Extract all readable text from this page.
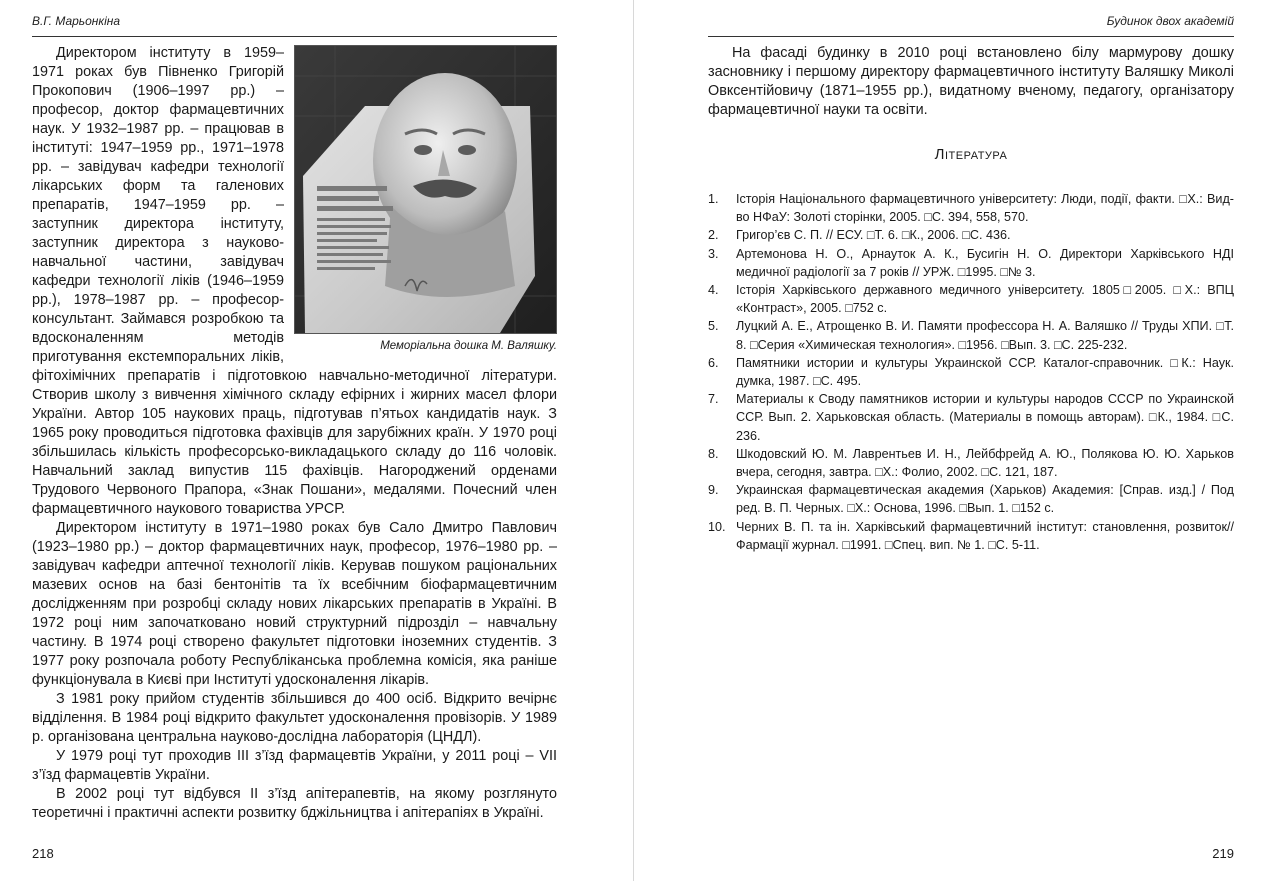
В.Г. Марьонкіна

Меморіальна дошка М. Валяшку.
Директором інституту в 1959–1971 роках був Півненко Григорій Прокопович (1906–1997 рр.) – професор, доктор фармацевтичних наук. У 1932–1987 рр. – працював в інституті: 1947–1959 рр., 1971–1978 рр. – завідувач кафедри технології лікарських форм та галенових препаратів, 1947–1959 рр. – заступник директора інституту, заступник директора з науково-навчальної частини, завідувач кафедри технології ліків (1946–1959 рр.), 1978–1987 рр. – професор-консультант. Займався розробкою та вдосконаленням методів приготування екстемпоральних ліків, фітохімічних препаратів і підготовкою навчально-методичної літератури. Створив школу з вивчення хімічного складу ефірних і жирних масел флори України. Автор 105 наукових праць, підготував п’ятьох кандидатів наук. З 1965 року проводиться підготовка фахівців для зарубіжних країн. У 1970 році збільшилась кількість професорсько-викладацького складу до 116 чоловік. Навчальний заклад випустив 115 фахівців. Нагороджений орденами Трудового Червоного Прапора, «Знак Пошани», медалями. Почесний член фармацевтичного наукового товариства УРСР.

Директором інституту в 1971–1980 роках був Сало Дмитро Павлович (1923–1980 рр.) – доктор фармацевтичних наук, професор, 1976–1980 рр. – завідувач кафедри аптечної технології ліків. Керував пошуком раціональних мазевих основ на базі бентонітів та їх всебічним біофармацевтичним дослідженням при розробці складу нових лікарських препаратів в Україні. В 1972 році ним започатковано новий структурний підрозділ – навчальну частину. В 1974 році створено факультет підготовки іноземних студентів. З 1977 року розпочала роботу Республіканська проблемна комісія, яка раніше функціонувала в Києві при Інституті удосконалення лікарів.

З 1981 року прийом студентів збільшився до 400 осіб. Відкрито вечірнє відділення. В 1984 році відкрито факультет удосконалення провізорів. У 1989 р. організована центральна науково-дослідна лабораторія (ЦНДЛ).

У 1979 році тут проходив III з’їзд фармацевтів України, у 2011 році – VII з’їзд фармацевтів України.

В 2002 році тут відбувся II з’їзд апітерапевтів, на якому розглянуто теоретичні і практичні аспекти розвитку бджільництва і апітерапіях в Україні.

218
Будинок двох академій

На фасаді будинку в 2010 році встановлено білу мармурову дошку засновнику і першому директору фармацевтичного інституту Валяшку Миколі Овксентійовичу (1871–1955 рр.), видатному вченому, педагогу, організатору фармацевтичної науки та освіти.

Література
1. Історія Національного фармацевтичного університету: Люди, події, факти. □Х.: Вид-во НФаУ: Золоті сторінки, 2005. □С. 394, 558, 570.
2. Григор’єв С. П. // ЕСУ. □Т. 6. □К., 2006. □С. 436.
3. Артемонова Н. О., Арнауток А. К., Бусигін Н. О. Директори Харківського НДІ медичної радіології за 7 років // УРЖ. □1995. □№ 3.
4. Історія Харківського державного медичного університету. 1805□2005. □Х.: ВПЦ «Контраст», 2005. □752 с.
5. Луцкий А. Е., Атрощенко В. И. Памяти профессора Н. А. Валяшко // Труды ХПИ. □Т. 8. □Серия «Химическая технология». □1956. □Вып. 3. □С. 225-232.
6. Памятники истории и культуры Украинской ССР. Каталог-справочник. □К.: Наук. думка, 1987. □С. 495.
7. Материалы к Своду памятников истории и культуры народов СССР по Украинской ССР. Вып. 2. Харьковская область. (Материалы в помощь авторам). □К., 1984. □С. 236.
8. Шкодовский Ю. М. Лаврентьев И. Н., Лейбфрейд А. Ю., Полякова Ю. Ю. Харьков вчера, сегодня, завтра. □Х.: Фолио, 2002. □С. 121, 187.
9. Украинская фармацевтическая академия (Харьков) Академия: [Справ. изд.] / Под ред. В. П. Черных. □Х.: Основа, 1996. □Вып. 1. □152 с.
10. Черних В. П. та ін. Харківський фармацевтичний інститут: становлення, розвиток// Фармації журнал. □1991. □Спец. вип. № 1. □С. 5-11.
219
